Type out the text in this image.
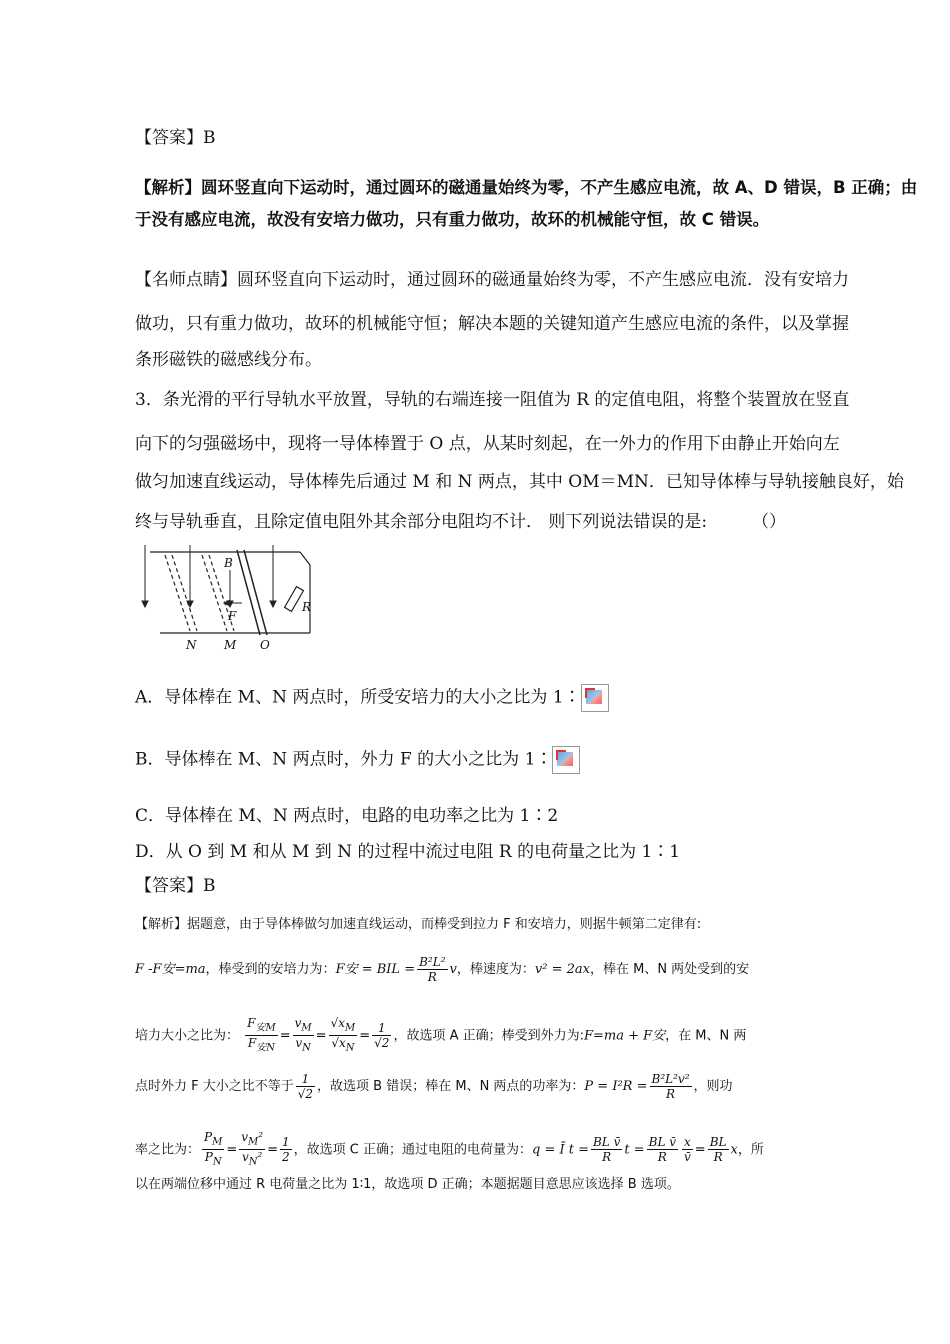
【答案】B
【解析】圆环竖直向下运动时，通过圆环的磁通量始终为零，不产生感应电流，故 A、D 错误，B 正确；由
于没有感应电流，故没有安培力做功，只有重力做功，故环的机械能守恒，故 C 错误。
【名师点睛】圆环竖直向下运动时，通过圆环的磁通量始终为零，不产生感应电流．没有安培力
做功，只有重力做功，故环的机械能守恒；解决本题的关键知道产生感应电流的条件，以及掌握
条形磁铁的磁感线分布。
3．条光滑的平行导轨水平放置，导轨的右端连接一阻值为 R 的定值电阻，将整个装置放在竖直
向下的匀强磁场中，现将一导体棒置于 O 点，从某时刻起，在一外力的作用下由静止开始向左
做匀加速直线运动，导体棒先后通过 M 和 N 两点，其中 OM＝MN．已知导体棒与导轨接触良好，始
终与导轨垂直，且除定值电阻外其余部分电阻均不计． 则下列说法错误的是:	（）
B
F
R
N M O
A．导体棒在 M、N 两点时，所受安培力的大小之比为 1∶
B．导体棒在 M、N 两点时，外力 F 的大小之比为 1∶
C．导体棒在 M、N 两点时，电路的电功率之比为 1∶2
D．从 O 到 M 和从 M 到 N 的过程中流过电阻 R 的电荷量之比为 1∶1
【答案】B
【解析】据题意，由于导体棒做匀加速直线运动，而棒受到拉力 F 和安培力，则据牛顿第二定律有:
F -F安=ma，棒受到的安培力为：F安 = BIL = $\frac{\text{B²L²}}{R}$ v，棒速度为：v² = 2ax，棒在 M、N 两处受到的安
培力大小之比为： $\frac{F_{安M}}{F_{安N}} = \frac{v_M}{v_N} = \frac{√x_M}{√x_N} = \frac{1}{√2}$ ，故选项 A 正确；棒受到外力为:F=ma + F安，在 M、N 两
点时外力 F 大小之比不等于 $\frac{1}{√2}$ ，故选项 B 错误；棒在 M、N 两点的功率为：$P = I^2R = \frac{\text{B²L²v²}}{R}$ ，则功
率之比为： $\frac{P_M}{P_N} = \frac{v_M^2}{v_N^2} = \frac{1}{2}$ ，故选项 C 正确；通过电阻的电荷量为：q = Ī $t = \frac{\text{BL v̄}}{R}$ $t = \frac{\text{BL v̄}}{R} \frac{x}{v̄} = \frac{BL}{R}$ x，所
以在两端位移中通过 R 电荷量之比为 1∶1，故选项 D 正确；本题据题目意思应该选择 B 选项。
